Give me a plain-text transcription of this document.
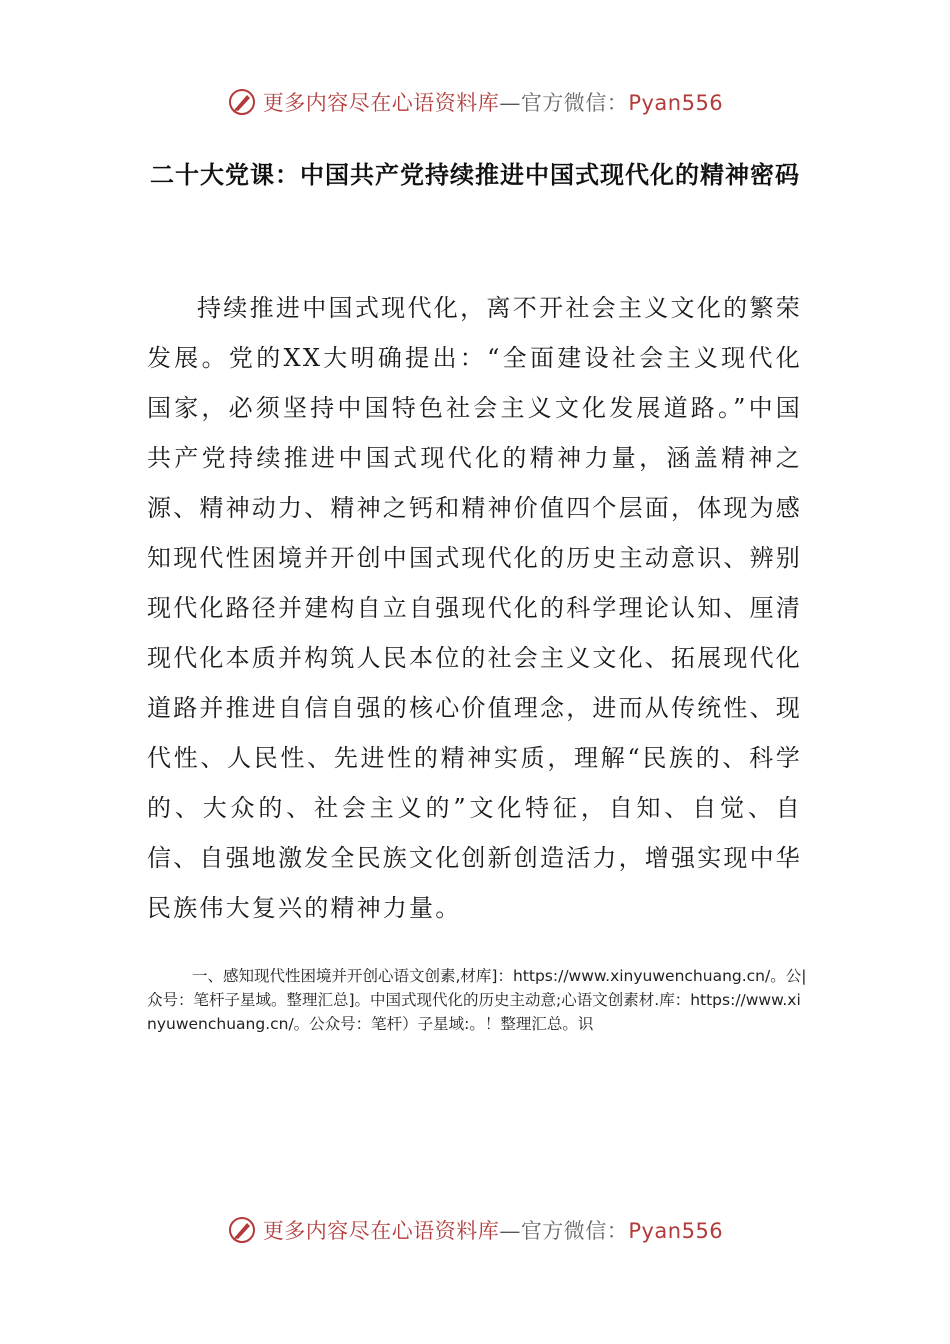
更多内容尽在心语资料库—官方微信：Pyan556
二十大党课：中国共产党持续推进中国式现代化的精神密码

持续推进中国式现代化，离不开社会主义文化的繁荣发展。党的XX大明确提出：“全面建设社会主义现代化国家，必须坚持中国特色社会主义文化发展道路。”中国共产党持续推进中国式现代化的精神力量，涵盖精神之源、精神动力、精神之钙和精神价值四个层面，体现为感知现代性困境并开创中国式现代化的历史主动意识、辨别现代化路径并建构自立自强现代化的科学理论认知、厘清现代化本质并构筑人民本位的社会主义文化、拓展现代化道路并推进自信自强的核心价值理念，进而从传统性、现代性、人民性、先进性的精神实质，理解“民族的、科学的、大众的、社会主义的”文化特征，自知、自觉、自信、自强地激发全民族文化创新创造活力，增强实现中华民族伟大复兴的精神力量。

一、感知现代性困境并开创心语文创素,材库]：https://www.xinyuwenchuang.cn/。公|众号：笔杆子星域。整理汇总]。中国式现代化的历史主动意;心语文创素材.库：https://www.xinyuwenchuang.cn/。公众号：笔杆）子星域:。！整理汇总。识

更多内容尽在心语资料库—官方微信：Pyan556
